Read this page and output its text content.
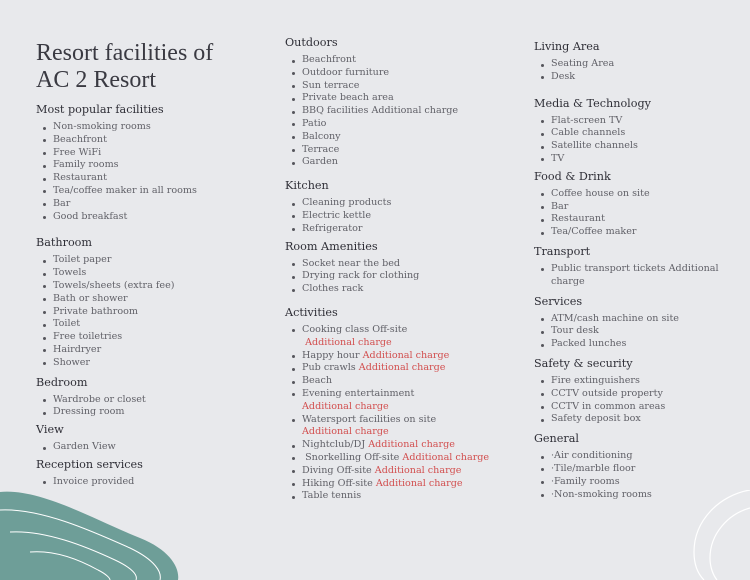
Resort facilities of
AC 2 Resort
Most popular facilities
Non-smoking rooms
Beachfront
Free WiFi
Family rooms
Restaurant
Tea/coffee maker in all rooms
Bar
Good breakfast
Bathroom
Toilet paper
Towels
Towels/sheets (extra fee)
Bath or shower
Private bathroom
Toilet
Free toiletries
Hairdryer
Shower
Bedroom
Wardrobe or closet
Dressing room
View
Garden View
Reception services
Invoice provided
Outdoors
Beachfront
Outdoor furniture
Sun terrace
Private beach area
BBQ facilities Additional charge
Patio
Balcony
Terrace
Garden
Kitchen
Cleaning products
Electric kettle
Refrigerator
Room Amenities
Socket near the bed
Drying rack for clothing
Clothes rack
Activities
Cooking class Off-site
Additional charge
Happy hour Additional charge
Pub crawls Additional charge
Beach
Evening entertainment
Additional charge
Watersport facilities on site
Additional charge
Nightclub/DJ Additional charge
Snorkelling Off-site Additional charge
Diving Off-site Additional charge
Hiking Off-site Additional charge
Table tennis
Living Area
Seating Area
Desk
Media & Technology
Flat-screen TV
Cable channels
Satellite channels
TV
Food & Drink
Coffee house on site
Bar
Restaurant
Tea/Coffee maker
Transport
Public transport tickets Additional charge
Services
ATM/cash machine on site
Tour desk
Packed lunches
Safety & security
Fire extinguishers
CCTV outside property
CCTV in common areas
Safety deposit box
General
·Air conditioning
·Tile/marble floor
·Family rooms
·Non-smoking rooms
